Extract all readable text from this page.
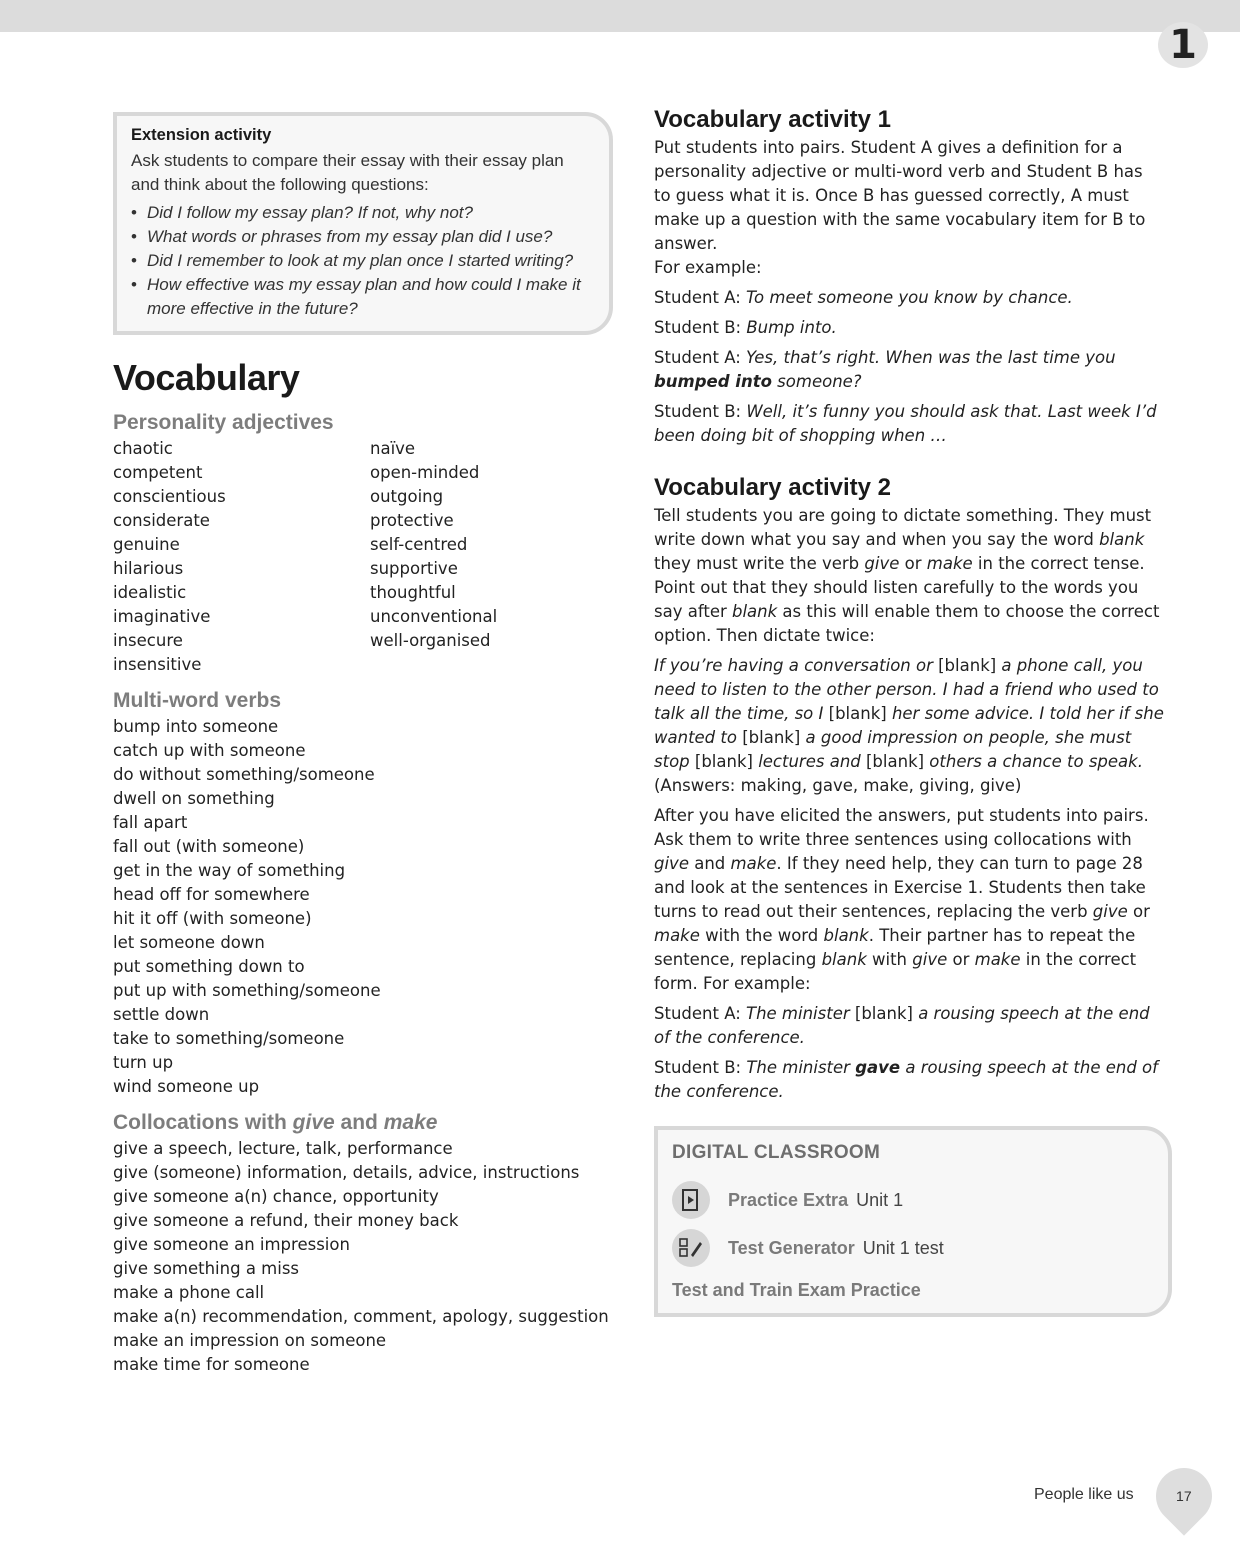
1
Extension activity
Ask students to compare their essay with their essay plan and think about the following questions:
• Did I follow my essay plan? If not, why not?
• What words or phrases from my essay plan did I use?
• Did I remember to look at my plan once I started writing?
• How effective was my essay plan and how could I make it more effective in the future?
Vocabulary
Personality adjectives
chaotic
competent
conscientious
considerate
genuine
hilarious
idealistic
imaginative
insecure
insensitive
naïve
open-minded
outgoing
protective
self-centred
supportive
thoughtful
unconventional
well-organised
Multi-word verbs
bump into someone
catch up with someone
do without something/someone
dwell on something
fall apart
fall out (with someone)
get in the way of something
head off for somewhere
hit it off (with someone)
let someone down
put something down to
put up with something/someone
settle down
take to something/someone
turn up
wind someone up
Collocations with give and make
give a speech, lecture, talk, performance
give (someone) information, details, advice, instructions
give someone a(n) chance, opportunity
give someone a refund, their money back
give someone an impression
give something a miss
make a phone call
make a(n) recommendation, comment, apology, suggestion
make an impression on someone
make time for someone
Vocabulary activity 1

Put students into pairs. Student A gives a definition for a personality adjective or multi-word verb and Student B has to guess what it is. Once B has guessed correctly, A must make up a question with the same vocabulary item for B to answer.
For example:

Student A: To meet someone you know by chance.

Student B: Bump into.

Student A: Yes, that’s right. When was the last time you bumped into someone?

Student B: Well, it’s funny you should ask that. Last week I’d been doing bit of shopping when …

Vocabulary activity 2

Tell students you are going to dictate something. They must write down what you say and when you say the word blank they must write the verb give or make in the correct tense. Point out that they should listen carefully to the words you say after blank as this will enable them to choose the correct option. Then dictate twice:

If you’re having a conversation or [blank] a phone call, you need to listen to the other person. I had a friend who used to talk all the time, so I [blank] her some advice. I told her if she wanted to [blank] a good impression on people, she must stop [blank] lectures and [blank] others a chance to speak.
(Answers: making, gave, make, giving, give)

After you have elicited the answers, put students into pairs. Ask them to write three sentences using collocations with give and make. If they need help, they can turn to page 28 and look at the sentences in Exercise 1. Students then take turns to read out their sentences, replacing the verb give or make with the word blank. Their partner has to repeat the sentence, replacing blank with give or make in the correct form. For example:

Student A: The minister [blank] a rousing speech at the end of the conference.

Student B: The minister gave a rousing speech at the end of the conference.

DIGITAL CLASSROOM
Practice Extra Unit 1
Test Generator Unit 1 test
Test and Train Exam Practice
People like us	17
